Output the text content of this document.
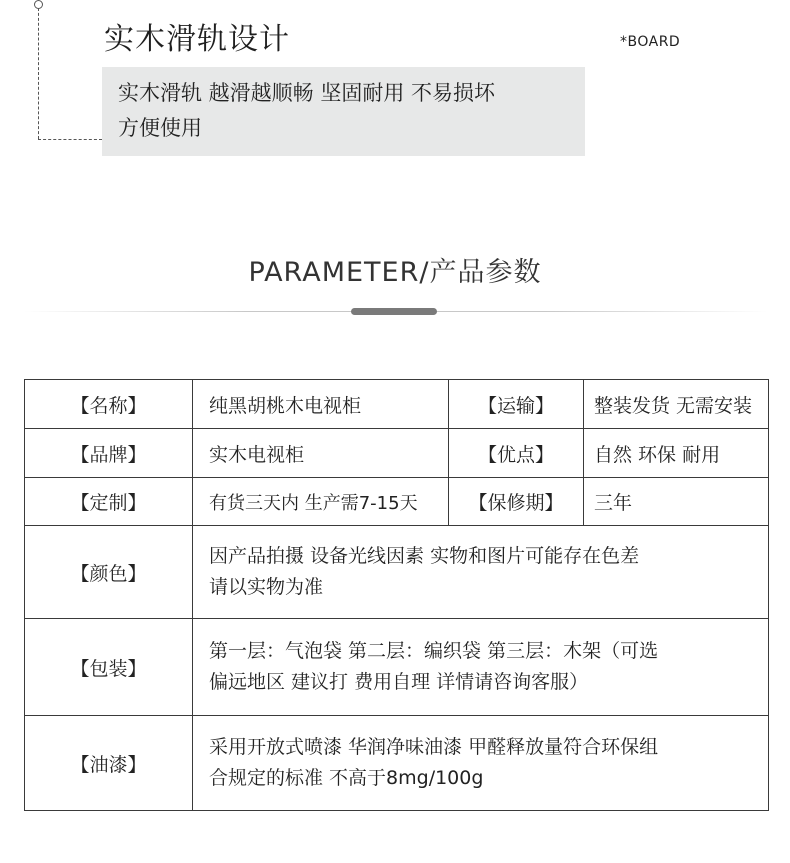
实木滑轨设计	*BOARD
实木滑轨 越滑越顺畅 坚固耐用 不易损坏
方便使用
PARAMETER/产品参数
【名称】	纯黑胡桃木电视柜	【运输】	整装发货 无需安装
【品牌】	实木电视柜	【优点】	自然 环保 耐用
【定制】	有货三天内 生产需7-15天	【保修期】	三年
【颜色】	因产品拍摄 设备光线因素 实物和图片可能存在色差
请以实物为准		

【包装】	第一层：气泡袋 第二层：编织袋 第三层：木架（可选
偏远地区 建议打 费用自理 详情请咨询客服）		

【油漆】	采用开放式喷漆 华润净味油漆 甲醛释放量符合环保组
合规定的标准 不高于8mg/100g		
